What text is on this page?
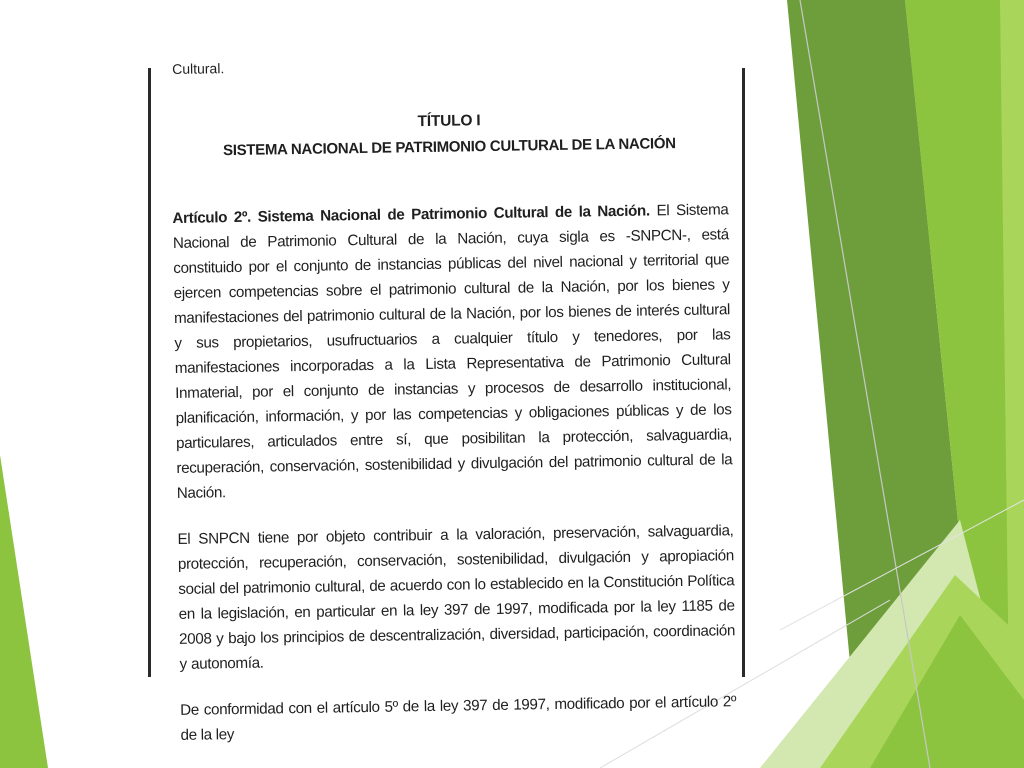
Cultural.
TÍTULO I
SISTEMA NACIONAL DE PATRIMONIO CULTURAL DE LA NACIÓN

Artículo 2º. Sistema Nacional de Patrimonio Cultural de la Nación. El Sistema Nacional de Patrimonio Cultural de la Nación, cuya sigla es -SNPCN-, está constituido por el conjunto de instancias públicas del nivel nacional y territorial que ejercen competencias sobre el patrimonio cultural de la Nación, por los bienes y manifestaciones del patrimonio cultural de la Nación, por los bienes de interés cultural y sus propietarios, usufructuarios a cualquier título y tenedores, por las manifestaciones incorporadas a la Lista Representativa de Patrimonio Cultural Inmaterial, por el conjunto de instancias y procesos de desarrollo institucional, planificación, información, y por las competencias y obligaciones públicas y de los particulares, articulados entre sí, que posibilitan la protección, salvaguardia, recuperación, conservación, sostenibilidad y divulgación del patrimonio cultural de la Nación.

El SNPCN tiene por objeto contribuir a la valoración, preservación, salvaguardia, protección, recuperación, conservación, sostenibilidad, divulgación y apropiación social del patrimonio cultural, de acuerdo con lo establecido en la Constitución Política en la legislación, en particular en la ley 397 de 1997, modificada por la ley 1185 de 2008 y bajo los principios de descentralización, diversidad, participación, coordinación y autonomía.

De conformidad con el artículo 5º de la ley 397 de 1997, modificado por el artículo 2º de la ley
